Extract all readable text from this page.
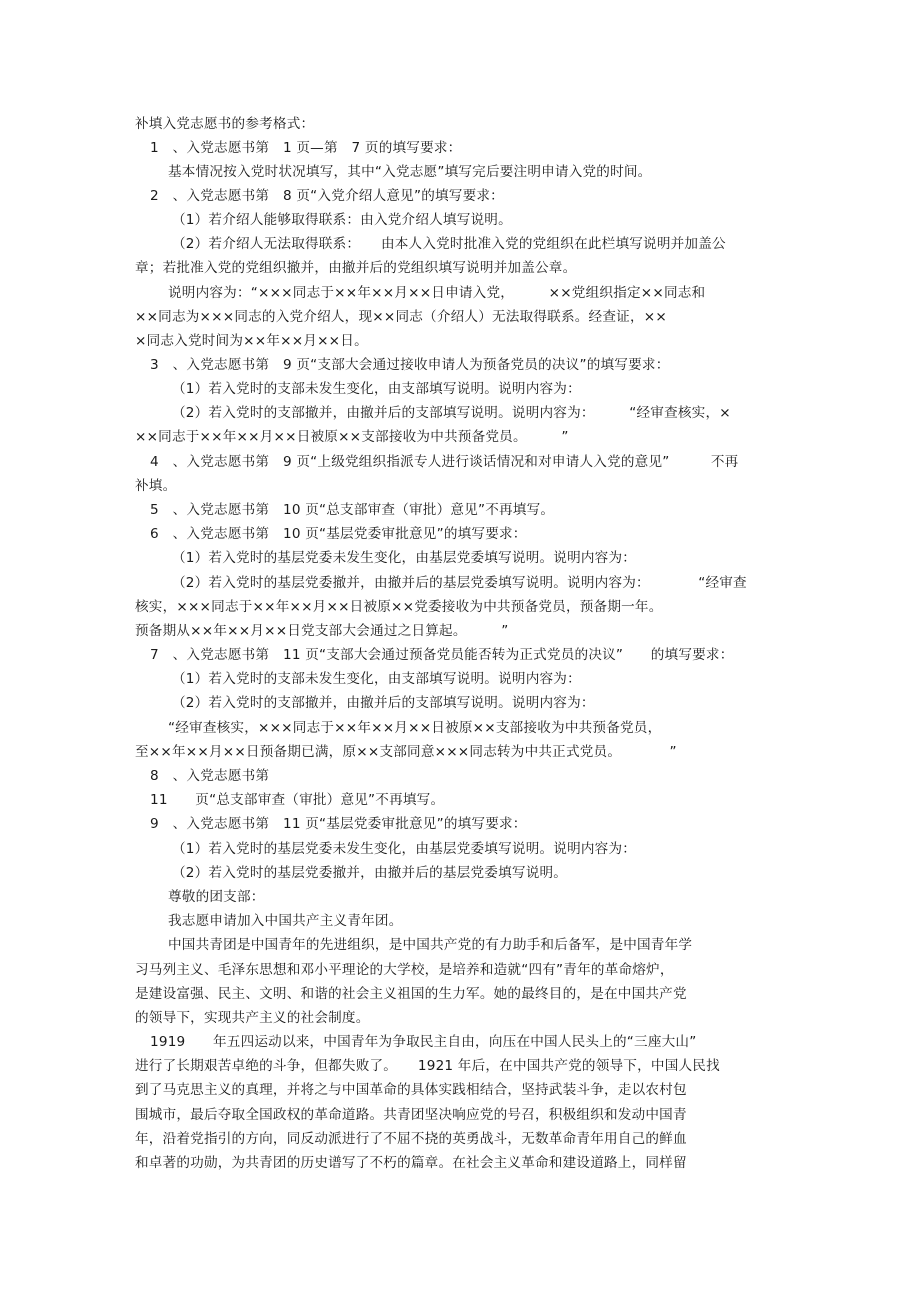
补填入党志愿书的参考格式：
1　、入党志愿书第　1 页—第　7 页的填写要求：
基本情况按入党时状况填写，其中“入党志愿”填写完后要注明申请入党的时间。
2　、入党志愿书第　8 页“入党介绍人意见”的填写要求：
（1）若介绍人能够取得联系：由入党介绍人填写说明。
（2）若介绍人无法取得联系：　　由本人入党时批准入党的党组织在此栏填写说明并加盖公
章；若批准入党的党组织撤并，由撤并后的党组织填写说明并加盖公章。
说明内容为：“×××同志于××年××月××日申请入党，　　　××党组织指定××同志和
××同志为×××同志的入党介绍人，现××同志（介绍人）无法取得联系。经查证，××
×同志入党时间为××年××月××日。
3　、入党志愿书第　9 页“支部大会通过接收申请人为预备党员的决议”的填写要求：
（1）若入党时的支部未发生变化，由支部填写说明。说明内容为：
（2）若入党时的支部撤并，由撤并后的支部填写说明。说明内容为：　　　“经审查核实，×
××同志于××年××月××日被原××支部接收为中共预备党员。　　　”
4　、入党志愿书第　9 页“上级党组织指派专人进行谈话情况和对申请人入党的意见”　　　不再
补填。
5　、入党志愿书第　10 页“总支部审查（审批）意见”不再填写。
6　、入党志愿书第　10 页“基层党委审批意见”的填写要求：
（1）若入党时的基层党委未发生变化，由基层党委填写说明。说明内容为：
（2）若入党时的基层党委撤并，由撤并后的基层党委填写说明。说明内容为：　　　　“经审查
核实，×××同志于××年××月××日被原××党委接收为中共预备党员，预备期一年。
预备期从××年××月××日党支部大会通过之日算起。　　　”
7　、入党志愿书第　11 页“支部大会通过预备党员能否转为正式党员的决议”　　的填写要求：
（1）若入党时的支部未发生变化，由支部填写说明。说明内容为：
（2）若入党时的支部撤并，由撤并后的支部填写说明。说明内容为：
“经审查核实，×××同志于××年××月××日被原××支部接收为中共预备党员，
至××年××月××日预备期已满，原××支部同意×××同志转为中共正式党员。　　　　”
8　、入党志愿书第
11　　页“总支部审查（审批）意见”不再填写。
9　、入党志愿书第　11 页“基层党委审批意见”的填写要求：
（1）若入党时的基层党委未发生变化，由基层党委填写说明。说明内容为：
（2）若入党时的基层党委撤并，由撤并后的基层党委填写说明。
尊敬的团支部：
我志愿申请加入中国共产主义青年团。
中国共青团是中国青年的先进组织，是中国共产党的有力助手和后备军，是中国青年学
习马列主义、毛泽东思想和邓小平理论的大学校，是培养和造就“四有”青年的革命熔炉，
是建设富强、民主、文明、和谐的社会主义祖国的生力军。她的最终目的，是在中国共产党
的领导下，实现共产主义的社会制度。
1919　　年五四运动以来，中国青年为争取民主自由，向压在中国人民头上的“三座大山”
进行了长期艰苦卓绝的斗争，但都失败了。　　1921 年后，在中国共产党的领导下，中国人民找
到了马克思主义的真理，并将之与中国革命的具体实践相结合，坚持武装斗争，走以农村包
围城市，最后夺取全国政权的革命道路。共青团坚决响应党的号召，积极组织和发动中国青
年，沿着党指引的方向，同反动派进行了不屈不挠的英勇战斗，无数革命青年用自己的鲜血
和卓著的功勋，为共青团的历史谱写了不朽的篇章。在社会主义革命和建设道路上，同样留
